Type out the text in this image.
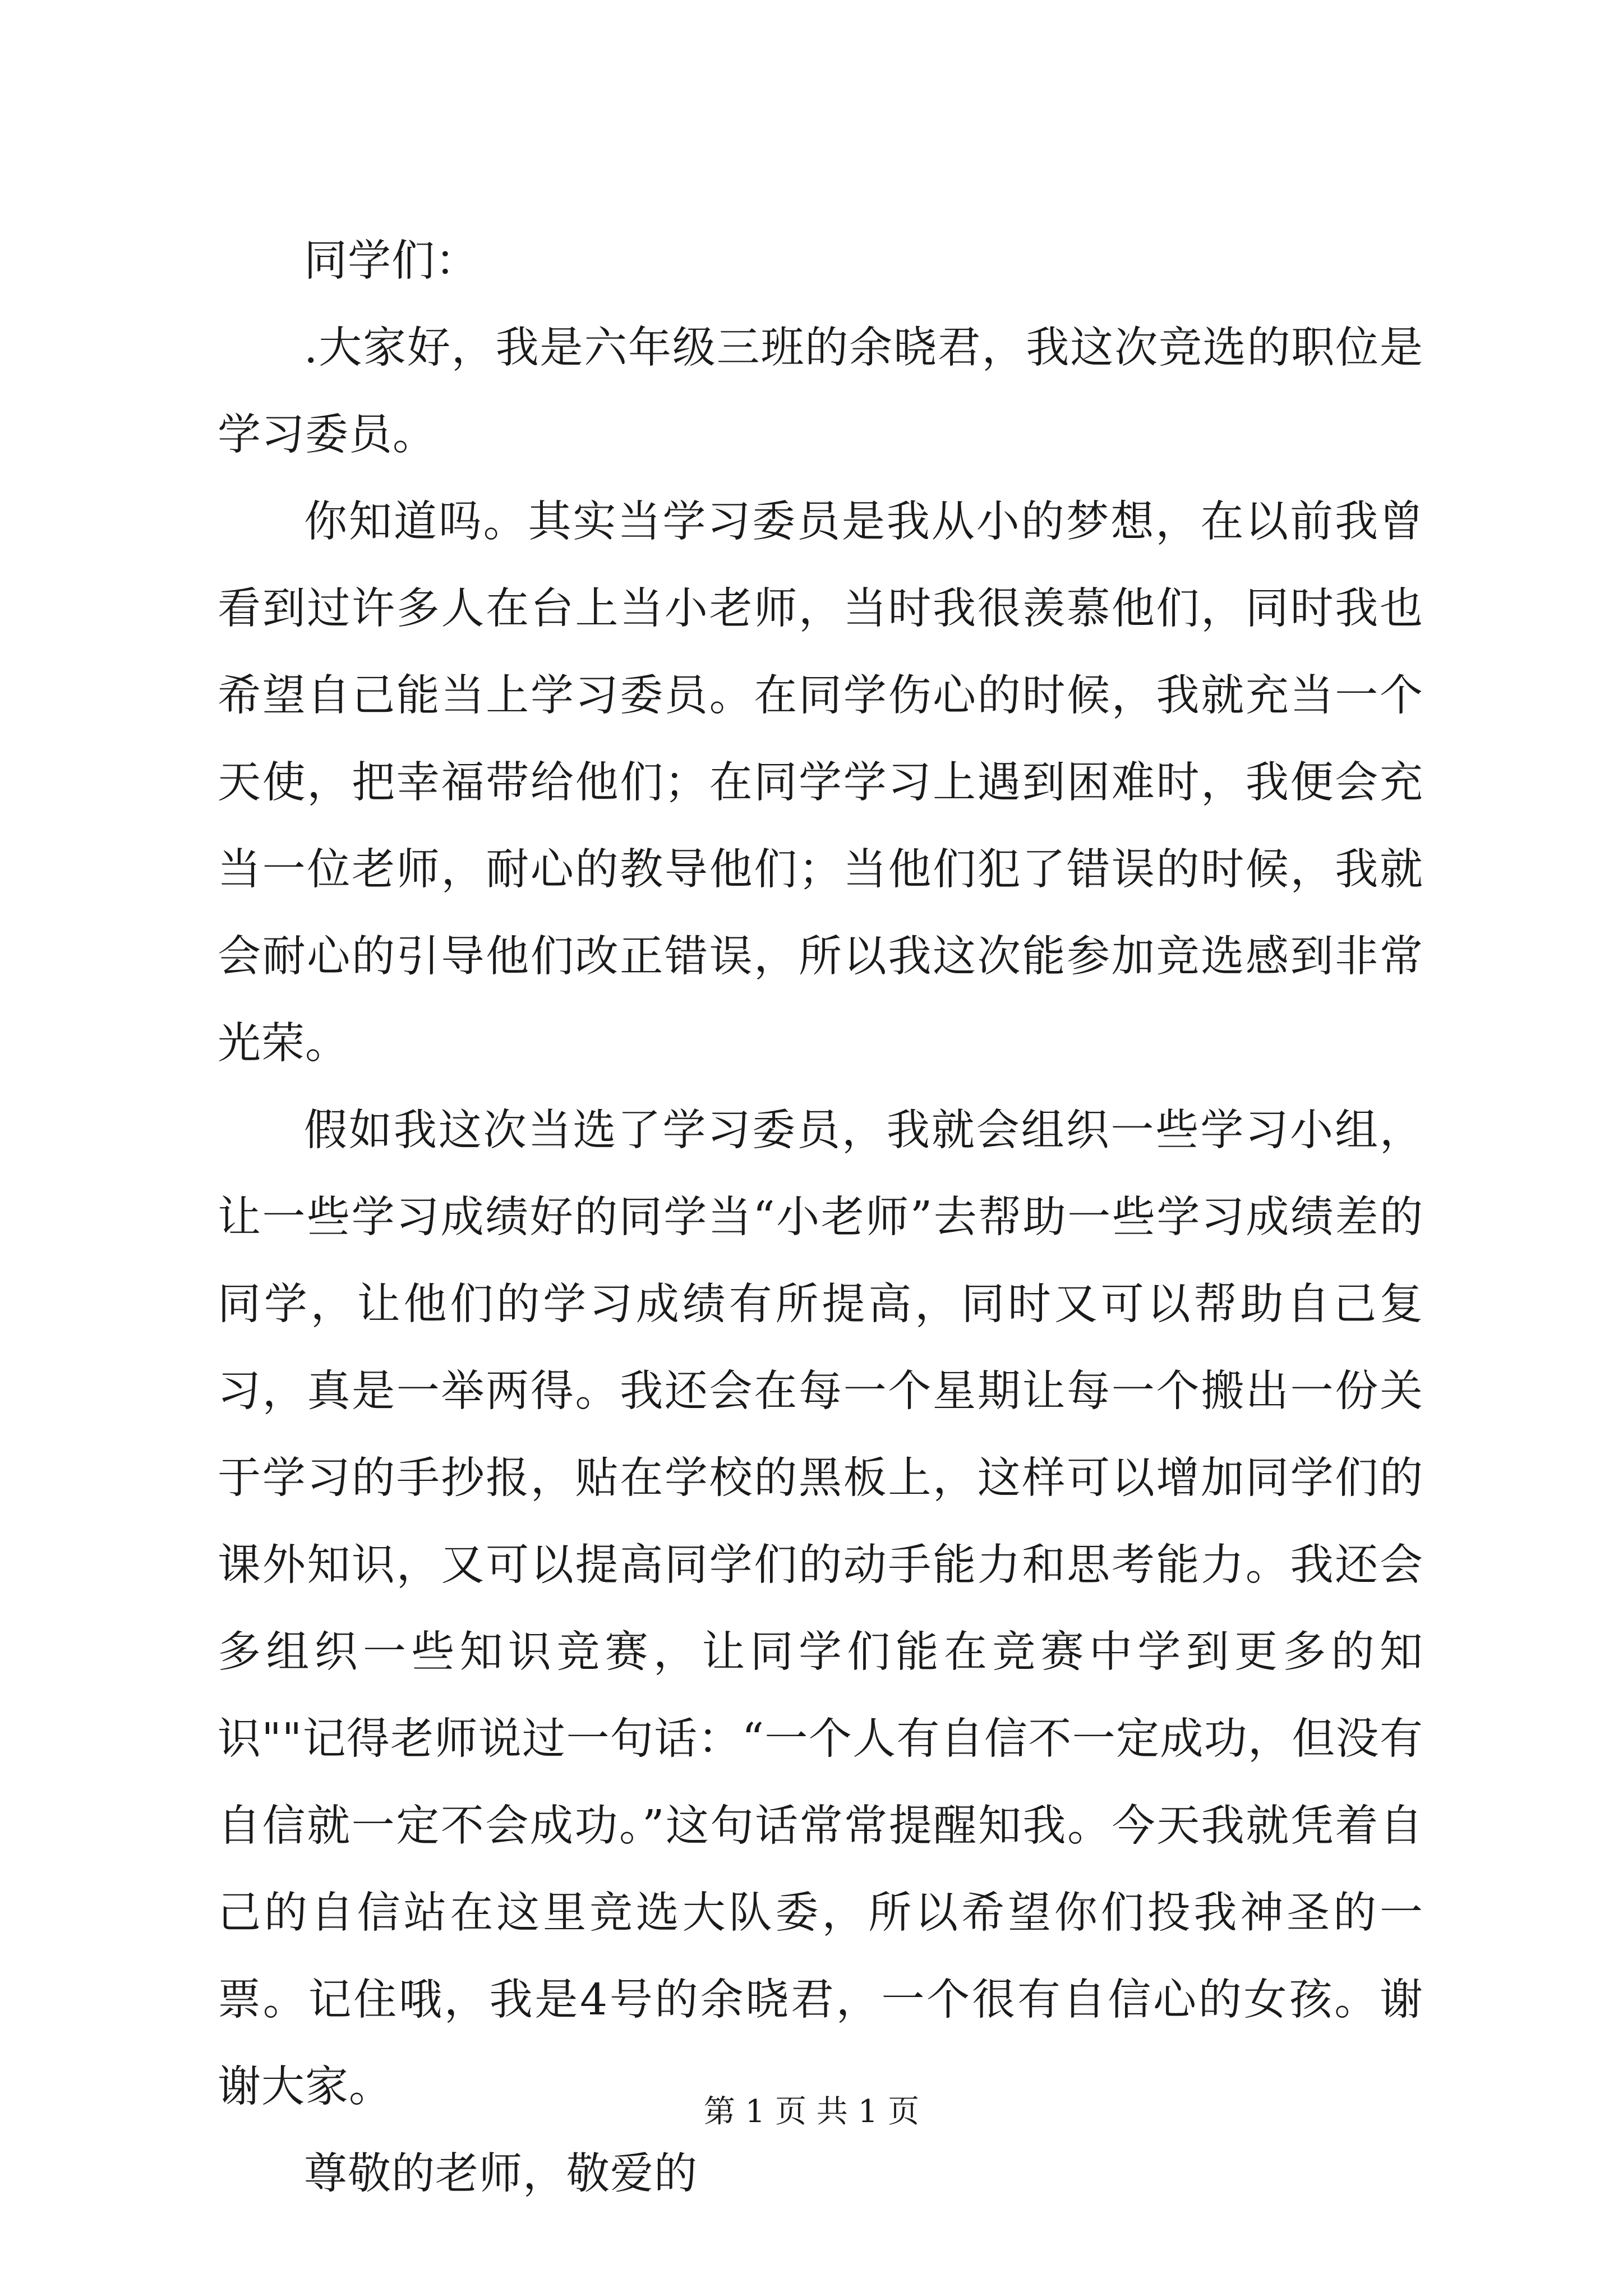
同学们：

.大家好，我是六年级三班的余晓君，我这次竞选的职位是学习委员。

你知道吗。其实当学习委员是我从小的梦想，在以前我曾看到过许多人在台上当小老师，当时我很羡慕他们，同时我也希望自己能当上学习委员。在同学伤心的时候，我就充当一个天使，把幸福带给他们；在同学学习上遇到困难时，我便会充当一位老师，耐心的教导他们；当他们犯了错误的时候，我就会耐心的引导他们改正错误，所以我这次能参加竞选感到非常光荣。

假如我这次当选了学习委员，我就会组织一些学习小组，让一些学习成绩好的同学当“小老师”去帮助一些学习成绩差的同学，让他们的学习成绩有所提高，同时又可以帮助自己复习，真是一举两得。我还会在每一个星期让每一个搬出一份关于学习的手抄报，贴在学校的黑板上，这样可以增加同学们的课外知识，又可以提高同学们的动手能力和思考能力。我还会多组织一些知识竞赛，让同学们能在竞赛中学到更多的知识""记得老师说过一句话：“一个人有自信不一定成功，但没有自信就一定不会成功。”这句话常常提醒知我。今天我就凭着自己的自信站在这里竞选大队委，所以希望你们投我神圣的一票。记住哦，我是4号的余晓君，一个很有自信心的女孩。谢谢大家。

尊敬的老师，敬爱的

第 1 页 共 1 页
